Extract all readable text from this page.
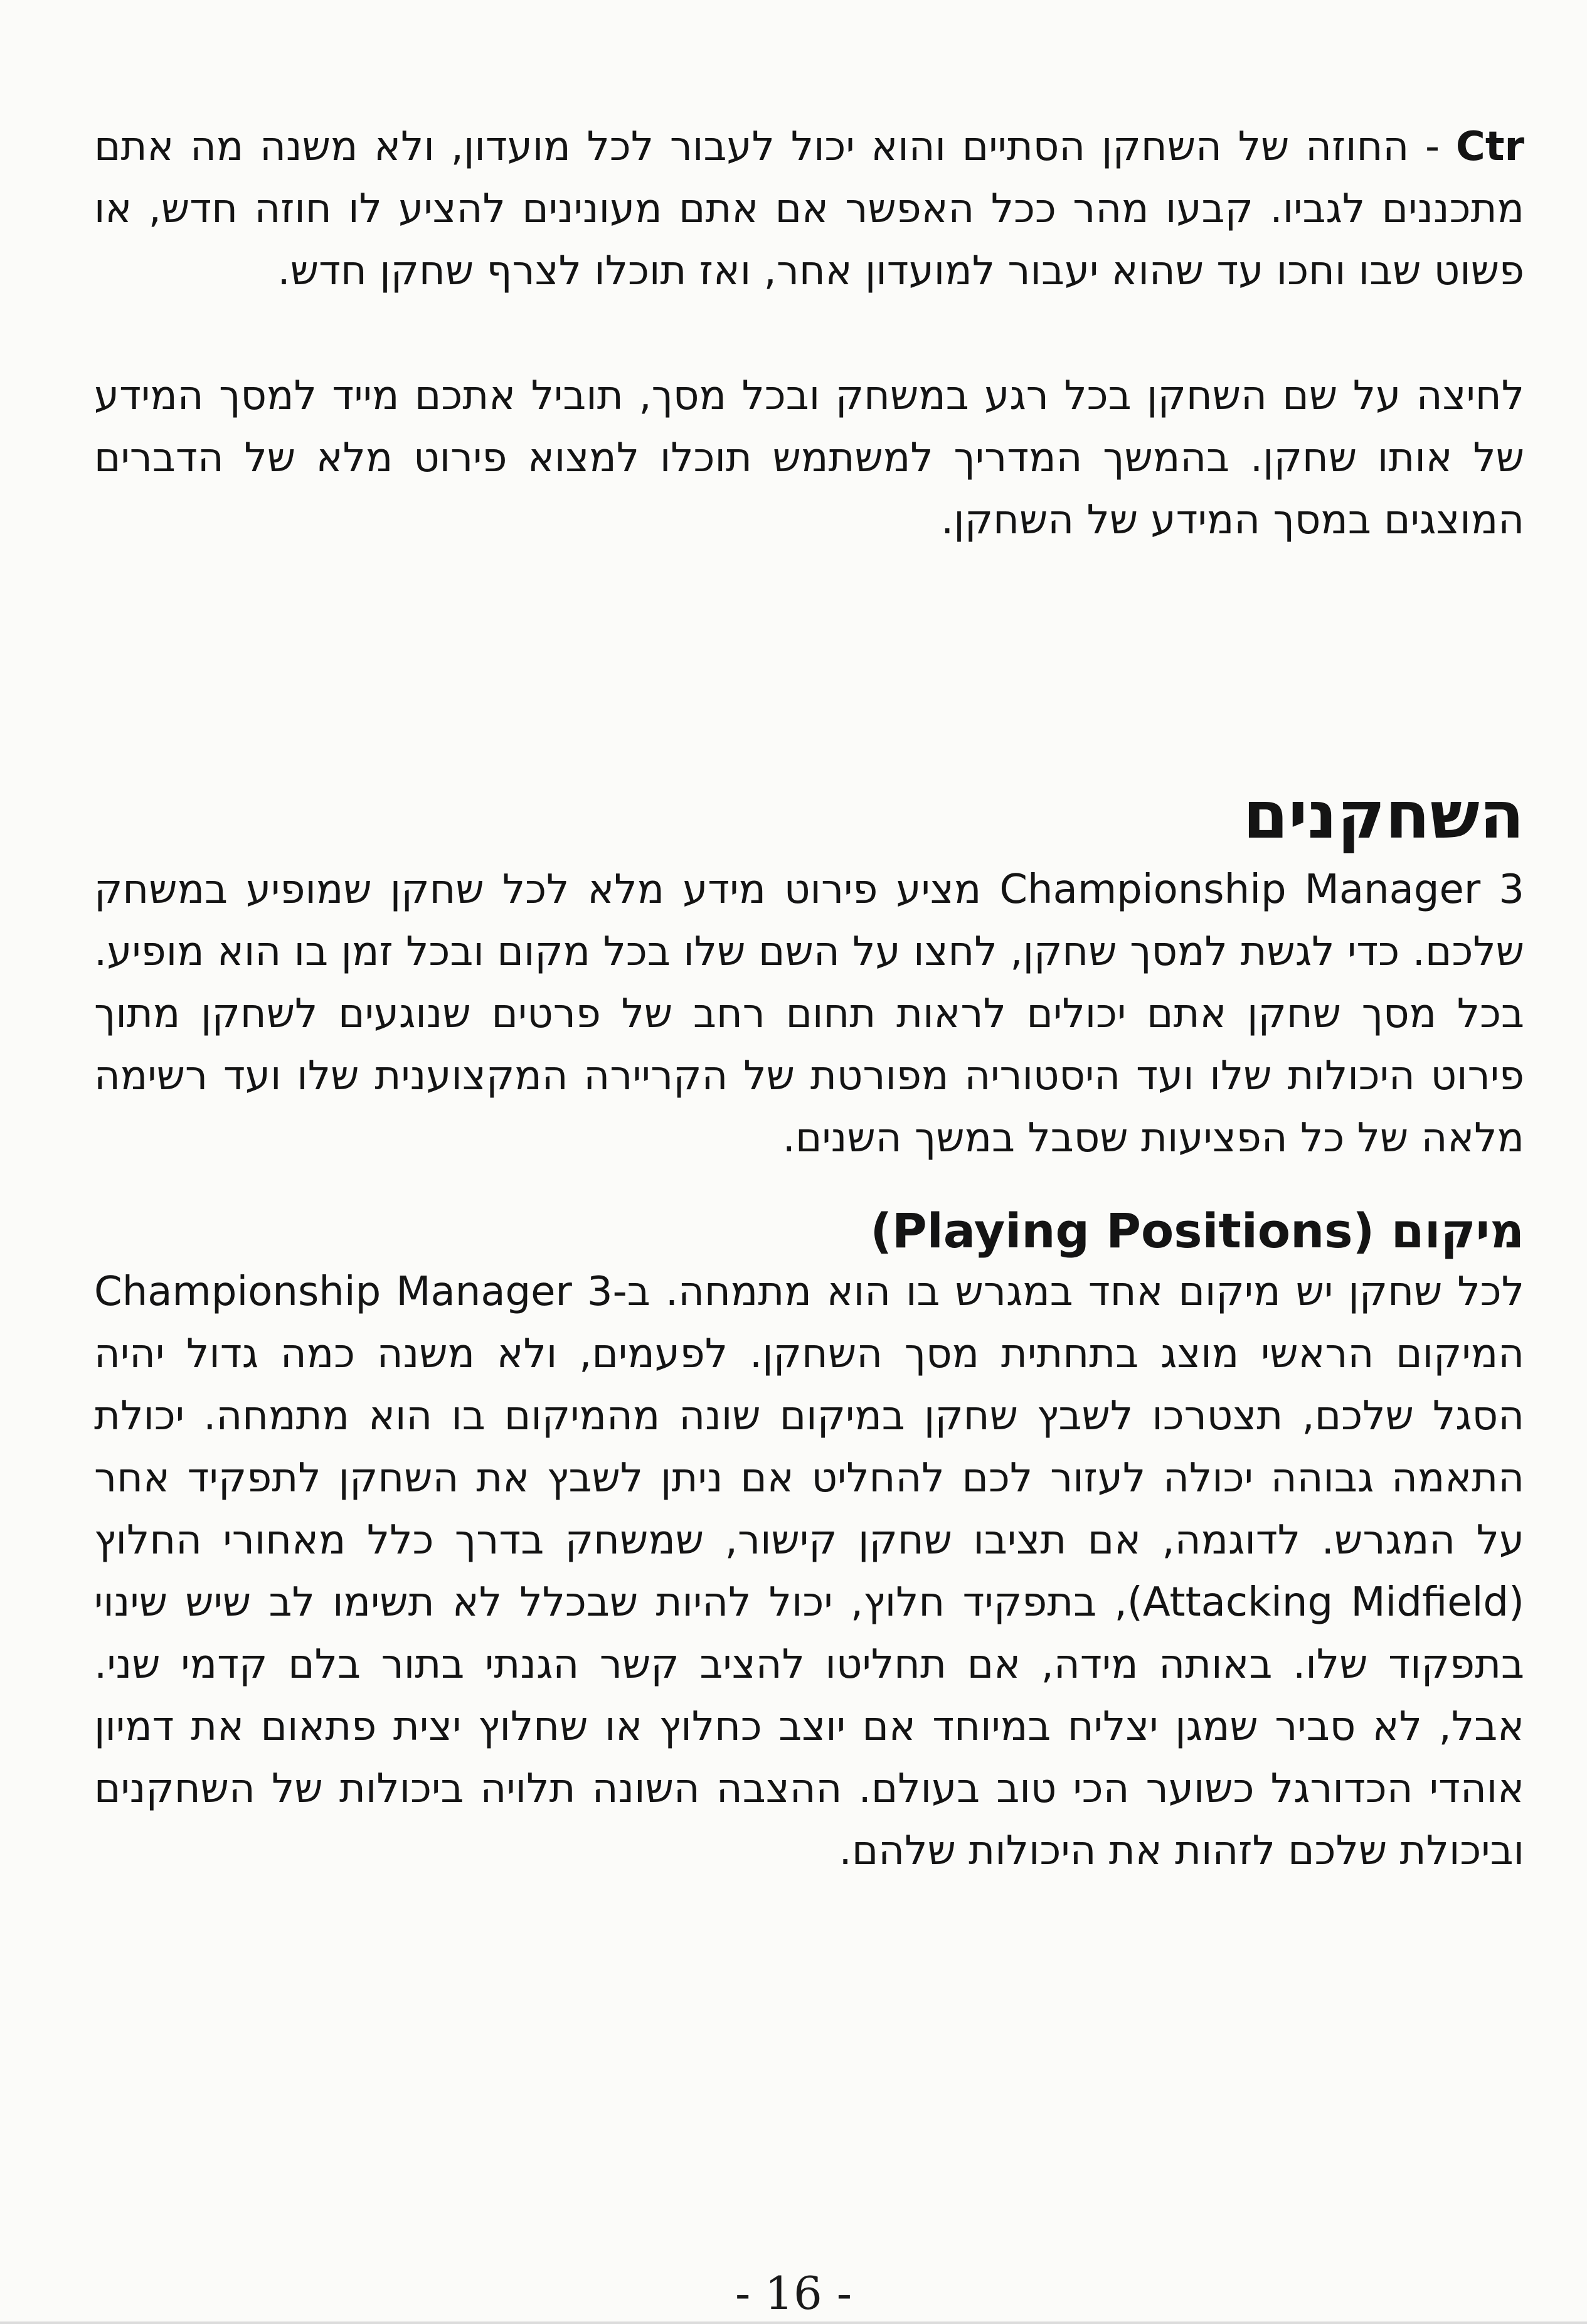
Ctr - החוזה של השחקן הסתיים והוא יכול לעבור לכל מועדון, ולא משנה מה אתם מתכננים לגביו. קבעו מהר ככל האפשר אם אתם מעונינים להציע לו חוזה חדש, או פשוט שבו וחכו עד שהוא יעבור למועדון אחר, ואז תוכלו לצרף שחקן חדש.

לחיצה על שם השחקן בכל רגע במשחק ובכל מסך, תוביל אתכם מייד למסך המידע של אותו שחקן. בהמשך המדריך למשתמש תוכלו למצוא פירוט מלא של הדברים המוצגים במסך המידע של השחקן.

השחקנים

Championship Manager 3 מציע פירוט מידע מלא לכל שחקן שמופיע במשחק שלכם. כדי לגשת למסך שחקן, לחצו על השם שלו בכל מקום ובכל זמן בו הוא מופיע. בכל מסך שחקן אתם יכולים לראות תחום רחב של פרטים שנוגעים לשחקן מתוך פירוט היכולות שלו ועד היסטוריה מפורטת של הקריירה המקצוענית שלו ועד רשימה מלאה של כל הפציעות שסבל במשך השנים.

מיקום (Playing Positions)

לכל שחקן יש מיקום אחד במגרש בו הוא מתמחה. ב-Championship Manager 3 המיקום הראשי מוצג בתחתית מסך השחקן. לפעמים, ולא משנה כמה גדול יהיה הסגל שלכם, תצטרכו לשבץ שחקן במיקום שונה מהמיקום בו הוא מתמחה. יכולת התאמה גבוהה יכולה לעזור לכם להחליט אם ניתן לשבץ את השחקן לתפקיד אחר על המגרש. לדוגמה, אם תציבו שחקן קישור, שמשחק בדרך כלל מאחורי החלוץ (Attacking Midfield), בתפקיד חלוץ, יכול להיות שבכלל לא תשימו לב שיש שינוי בתפקוד שלו. באותה מידה, אם תחליטו להציב קשר הגנתי בתור בלם קדמי שני. אבל, לא סביר שמגן יצליח במיוחד אם יוצב כחלוץ או שחלוץ יצית פתאום את דמיון אוהדי הכדורגל כשוער הכי טוב בעולם. ההצבה השונה תלויה ביכולות של השחקנים וביכולת שלכם לזהות את היכולות שלהם.

- 16 -
